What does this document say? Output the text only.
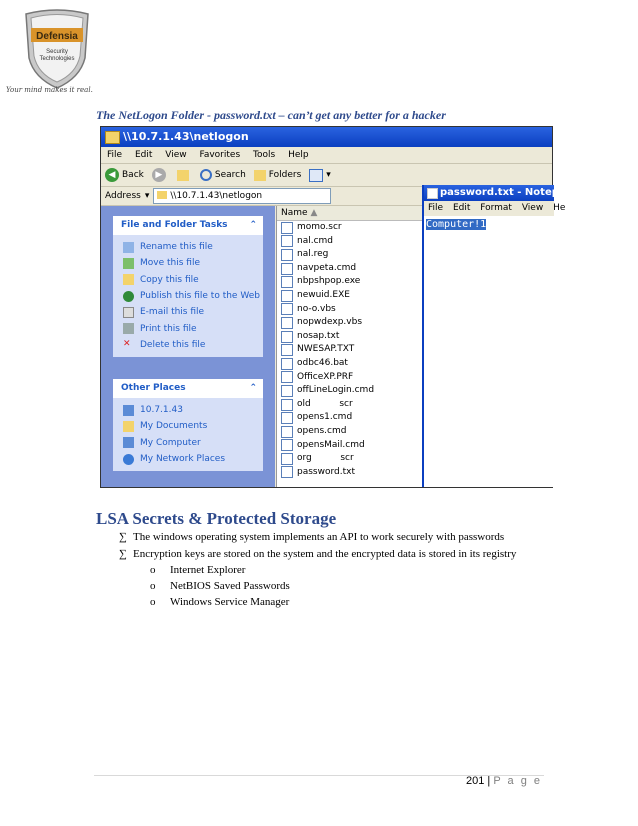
Defensia
Security
Technologies
Your mind makes it real.
The NetLogon Folder - password.txt – can’t get any better for a hacker
\\10.7.1.43\netlogon
File Edit View Favorites Tools Help
◀ Back	▶	Search	Folders	▾
Address ▾	\\10.7.1.43\netlogon
File and Folder Tasks ⌃
Rename this file
Move this file
Copy this file
Publish this file to the Web
E-mail this file
Print this file
✕	Delete this file
Other Places	⌃
10.7.1.43
My Documents
My Computer
My Network Places
Name ▲
momo.scr
nal.cmd
nal.reg
navpeta.cmd
nbpshpop.exe
newuid.EXE
no-o.vbs
nopwdexp.vbs
nosap.txt
NWESAP.TXT
odbc46.bat
OfficeXP.PRF
offLineLogin.cmd
old          scr
opens1.cmd
opens.cmd
opensMail.cmd
org          scr
password.txt
password.txt - Notepad
File Edit Format View He
Computer!1
LSA Secrets & Protected Storage
∑ The windows operating system implements an API to work securely with passwords
∑ Encryption keys are stored on the system and the encrypted data is stored in its registry
o Internet Explorer
o NetBIOS Saved Passwords
o Windows Service Manager
201 | P a g e
